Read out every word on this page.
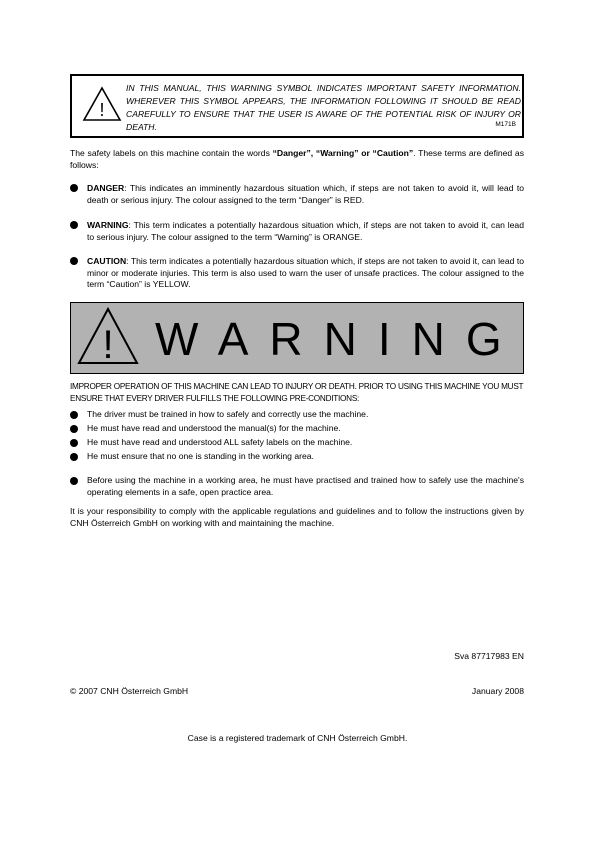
!
IN THIS MANUAL, THIS WARNING SYMBOL INDICATES IMPORTANT SAFETY INFORMATION. WHEREVER THIS SYMBOL APPEARS, THE INFORMATION FOLLOWING IT SHOULD BE READ CAREFULLY TO ENSURE THAT THE USER IS AWARE OF THE POTENTIAL RISK OF INJURY OR DEATH.	M171B
The safety labels on this machine contain the words “Danger”, “Warning” or “Caution”. These terms are defined as follows:
DANGER: This indicates an imminently hazardous situation which, if steps are not taken to avoid it, will lead to death or serious injury. The colour assigned to the term “Danger” is RED.
WARNING: This term indicates a potentially hazardous situation which, if steps are not taken to avoid it, can lead to serious injury. The colour assigned to the term “Warning” is ORANGE.
CAUTION: This term indicates a potentially hazardous situation which, if steps are not taken to avoid it, can lead to minor or moderate injuries. This term is also used to warn the user of unsafe practices. The colour assigned to the term “Caution” is YELLOW.
! WARNING
IMPROPER OPERATION OF THIS MACHINE CAN LEAD TO INJURY OR DEATH. PRIOR TO USING THIS MACHINE YOU MUST ENSURE THAT EVERY DRIVER FULFILLS THE FOLLOWING PRE-CONDITIONS:
The driver must be trained in how to safely and correctly use the machine.
He must have read and understood the manual(s) for the machine.
He must have read and understood ALL safety labels on the machine.
He must ensure that no one is standing in the working area.
Before using the machine in a working area, he must have practised and trained how to safely use the machine's operating elements in a safe, open practice area.
It is your responsibility to comply with the applicable regulations and guidelines and to follow the instructions given by CNH Österreich GmbH on working with and maintaining the machine.
Sva 87717983 EN
© 2007 CNH Österreich GmbH	January 2008
Case is a registered trademark of CNH Österreich GmbH.
